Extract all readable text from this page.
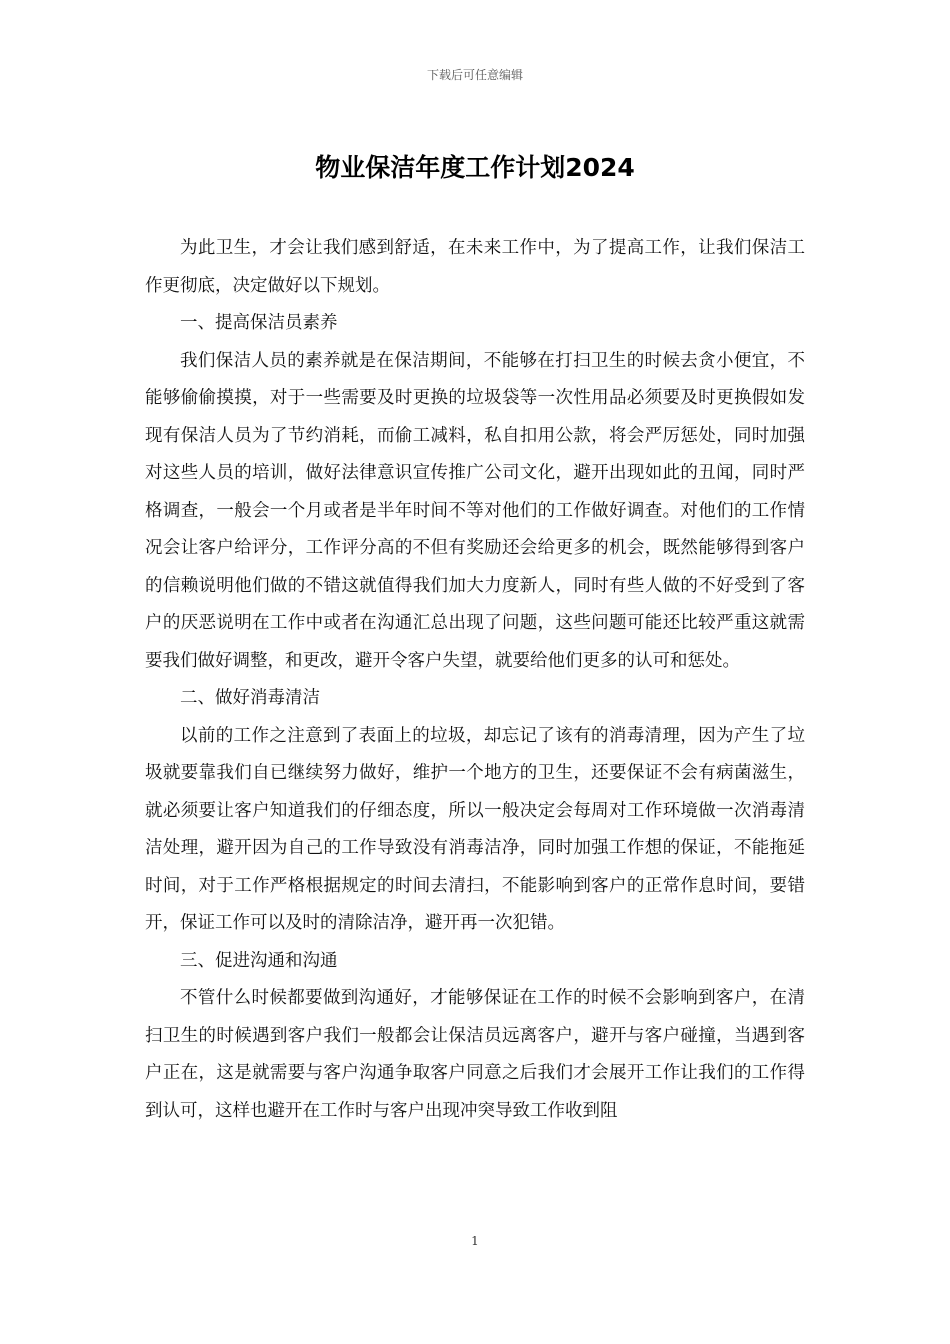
下载后可任意编辑
物业保洁年度工作计划2024

为此卫生，才会让我们感到舒适，在未来工作中，为了提高工作，让我们保洁工作更彻底，决定做好以下规划。

一、提高保洁员素养

我们保洁人员的素养就是在保洁期间，不能够在打扫卫生的时候去贪小便宜，不能够偷偷摸摸，对于一些需要及时更换的垃圾袋等一次性用品必须要及时更换假如发现有保洁人员为了节约消耗，而偷工减料，私自扣用公款，将会严厉惩处，同时加强对这些人员的培训，做好法律意识宣传推广公司文化，避开出现如此的丑闻，同时严格调查，一般会一个月或者是半年时间不等对他们的工作做好调查。对他们的工作情况会让客户给评分，工作评分高的不但有奖励还会给更多的机会，既然能够得到客户的信赖说明他们做的不错这就值得我们加大力度新人，同时有些人做的不好受到了客户的厌恶说明在工作中或者在沟通汇总出现了问题，这些问题可能还比较严重这就需要我们做好调整，和更改，避开令客户失望，就要给他们更多的认可和惩处。

二、做好消毒清洁

以前的工作之注意到了表面上的垃圾，却忘记了该有的消毒清理，因为产生了垃圾就要靠我们自已继续努力做好，维护一个地方的卫生，还要保证不会有病菌滋生，就必须要让客户知道我们的仔细态度，所以一般决定会每周对工作环境做一次消毒清洁处理，避开因为自己的工作导致没有消毒洁净，同时加强工作想的保证，不能拖延时间，对于工作严格根据规定的时间去清扫，不能影响到客户的正常作息时间，要错开，保证工作可以及时的清除洁净，避开再一次犯错。

三、促进沟通和沟通

不管什么时候都要做到沟通好，才能够保证在工作的时候不会影响到客户，在清扫卫生的时候遇到客户我们一般都会让保洁员远离客户，避开与客户碰撞，当遇到客户正在，这是就需要与客户沟通争取客户同意之后我们才会展开工作让我们的工作得到认可，这样也避开在工作时与客户出现冲突导致工作收到阻

1
